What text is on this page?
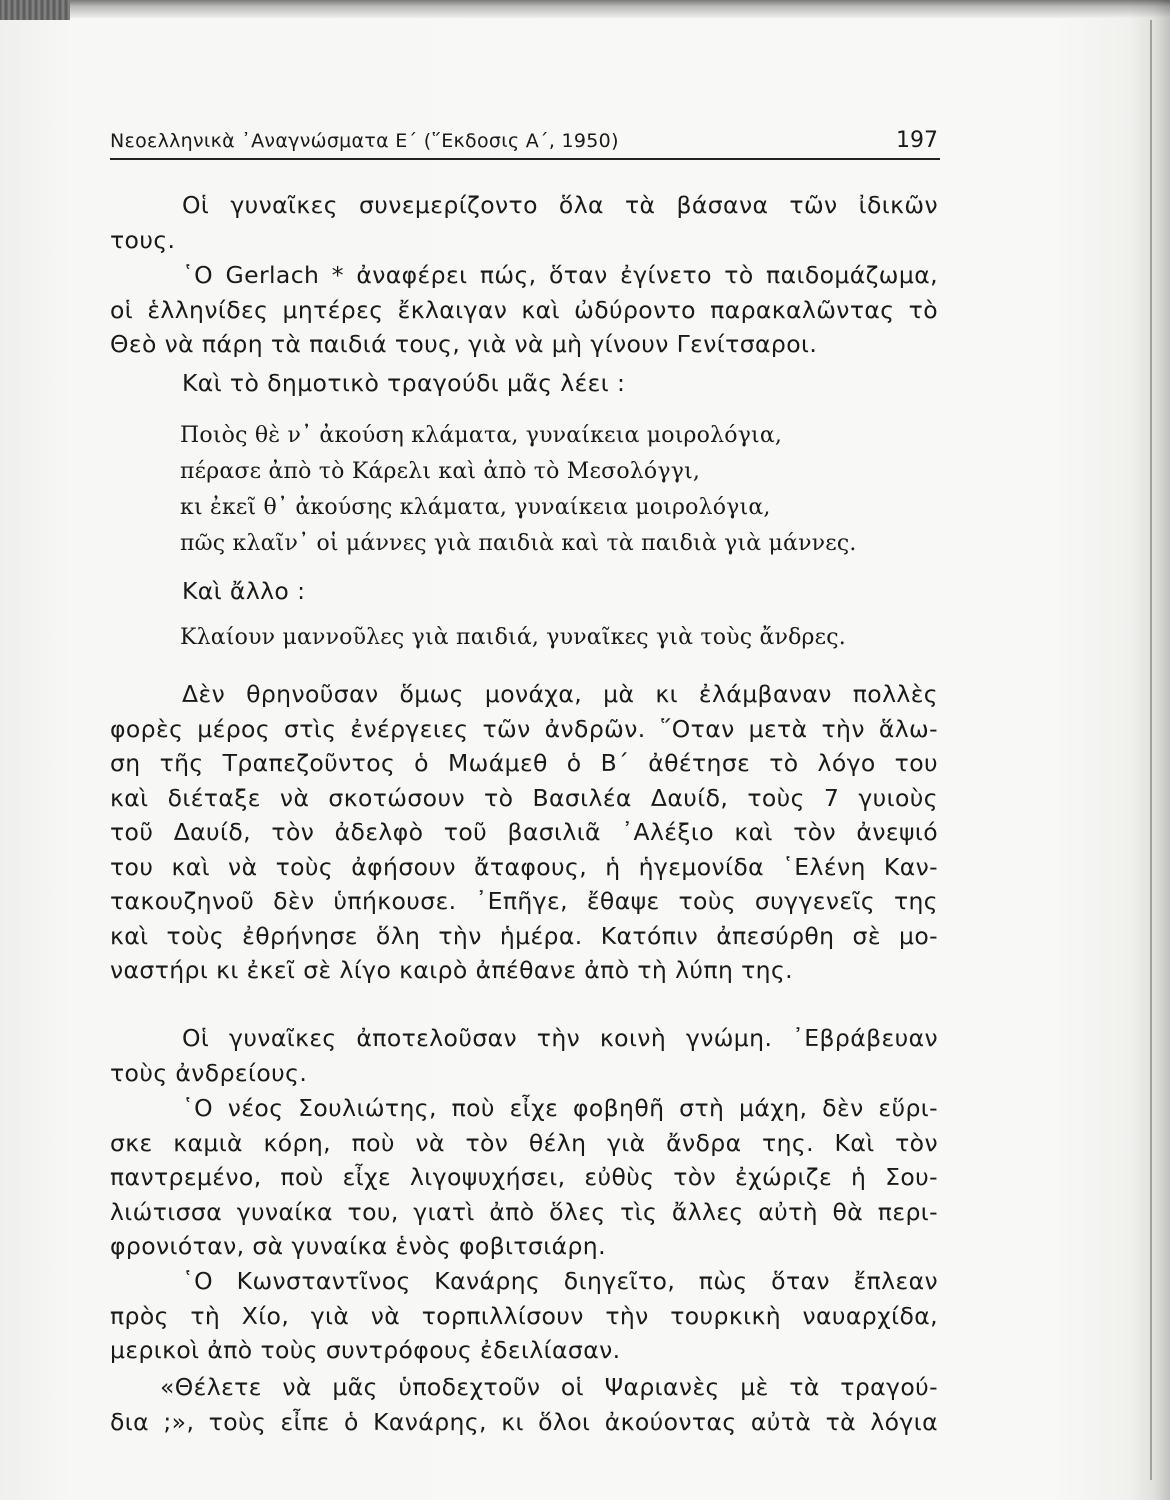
Νεοελληνικὰ ᾿Αναγνώσματα Ε΄ (῞Εκδοσις Α΄, 1950)	197

Οἱ γυναῖκες συνεμερίζοντο ὅλα τὰ βάσανα τῶν ἰδικῶν
τους.

῾Ο Gerlach * ἀναφέρει πώς, ὅταν ἐγίνετο τὸ παιδομάζωμα,
οἱ ἑλληνίδες μητέρες ἔκλαιγαν καὶ ὠδύροντο παρακαλῶντας τὸ
Θεὸ νὰ πάρη τὰ παιδιά τους, γιὰ νὰ μὴ γίνουν Γενίτσαροι.

Καὶ τὸ δημοτικὸ τραγούδι μᾶς λέει :

Ποιὸς θὲ ν᾿ ἀκούση κλάματα, γυναίκεια μοιρολόγια,
πέρασε ἀπὸ τὸ Κάρελι καὶ ἀπὸ τὸ Μεσολόγγι,
κι ἐκεῖ θ᾿ ἀκούσης κλάματα, γυναίκεια μοιρολόγια,
πῶς κλαῖν᾿ οἱ μάννες γιὰ παιδιὰ καὶ τὰ παιδιὰ γιὰ μάννες.

Καὶ ἄλλο :

Κλαίουν μαννοῦλες γιὰ παιδιά, γυναῖκες γιὰ τοὺς ἄνδρες.

Δὲν θρηνοῦσαν ὅμως μονάχα, μὰ κι ἐλάμβαναν πολλὲς
φορὲς μέρος στὶς ἐνέργειες τῶν ἀνδρῶν. ῞Οταν μετὰ τὴν ἅλω-
ση τῆς Τραπεζοῦντος ὁ Μωάμεθ ὁ Β΄ ἀθέτησε τὸ λόγο του
καὶ διέταξε νὰ σκοτώσουν τὸ Βασιλέα Δαυίδ, τοὺς 7 γυιοὺς
τοῦ Δαυίδ, τὸν ἀδελφὸ τοῦ βασιλιᾶ ᾿Αλέξιο καὶ τὸν ἀνεψιό
του καὶ νὰ τοὺς ἀφήσουν ἄταφους, ἡ ἡγεμονίδα ῾Ελένη Καν-
τακουζηνοῦ δὲν ὑπήκουσε. ᾿Επῆγε, ἔθαψε τοὺς συγγενεῖς της
καὶ τοὺς ἐθρήνησε ὅλη τὴν ἡμέρα. Κατόπιν ἀπεσύρθη σὲ μο-
ναστήρι κι ἐκεῖ σὲ λίγο καιρὸ ἀπέθανε ἀπὸ τὴ λύπη της.

Οἱ γυναῖκες ἀποτελοῦσαν τὴν κοινὴ γνώμη. ᾿Εβράβευαν
τοὺς ἀνδρείους.

῾Ο νέος Σουλιώτης, ποὺ εἶχε φοβηθῆ στὴ μάχη, δὲν εὕρι-
σκε καμιὰ κόρη, ποὺ νὰ τὸν θέλη γιὰ ἄνδρα της. Καὶ τὸν
παντρεμένο, ποὺ εἶχε λιγοψυχήσει, εὐθὺς τὸν ἐχώριζε ἡ Σου-
λιώτισσα γυναίκα του, γιατὶ ἀπὸ ὅλες τὶς ἄλλες αὐτὴ θὰ περι-
φρονιόταν, σὰ γυναίκα ἑνὸς φοβιτσιάρη.

῾Ο Κωνσταντῖνος Κανάρης διηγεῖτο, πὼς ὅταν ἔπλεαν
πρὸς τὴ Χίο, γιὰ νὰ τορπιλλίσουν τὴν τουρκικὴ ναυαρχίδα,
μερικοὶ ἀπὸ τοὺς συντρόφους ἐδειλίασαν.

«Θέλετε νὰ μᾶς ὑποδεχτοῦν οἱ Ψαριανὲς μὲ τὰ τραγού-
δια ;», τοὺς εἶπε ὁ Κανάρης, κι ὅλοι ἀκούοντας αὐτὰ τὰ λόγια
